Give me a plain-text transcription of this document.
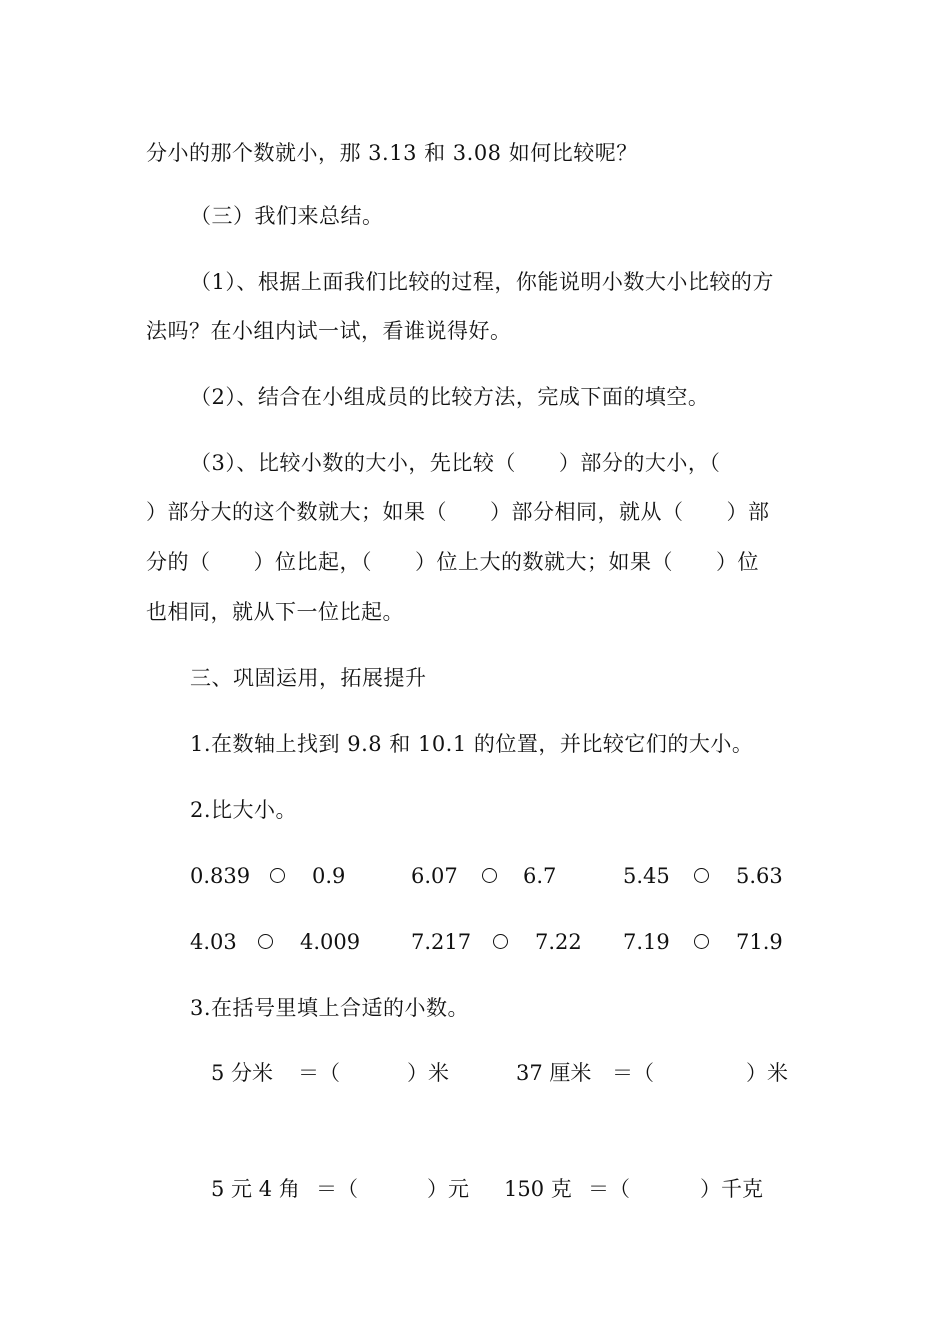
分小的那个数就小，那 3.13 和 3.08 如何比较呢？
（三）我们来总结。
（1）、根据上面我们比较的过程，你能说明小数大小比较的方
法吗？在小组内试一试，看谁说得好。
（2）、结合在小组成员的比较方法，完成下面的填空。
（3）、比较小数的大小，先比较（　　）部分的大小，（
）部分大的这个数就大；如果（　　）部分相同，就从（　　）部
分的（　　）位比起，（　　）位上大的数就大；如果（　　）位
也相同，就从下一位比起。
三、巩固运用，拓展提升
1.在数轴上找到 9.8 和 10.1 的位置，并比较它们的大小。
2.比大小。
0.839	0.9	6.07	6.7	5.45	5.63
4.03	4.009 7.217	7.22 7.19	71.9
3.在括号里填上合适的小数。
5 分米 ＝（	）米	37 厘米 ＝（	）米
5 元 4 角 ＝（	）元 150 克 ＝（	）千克
